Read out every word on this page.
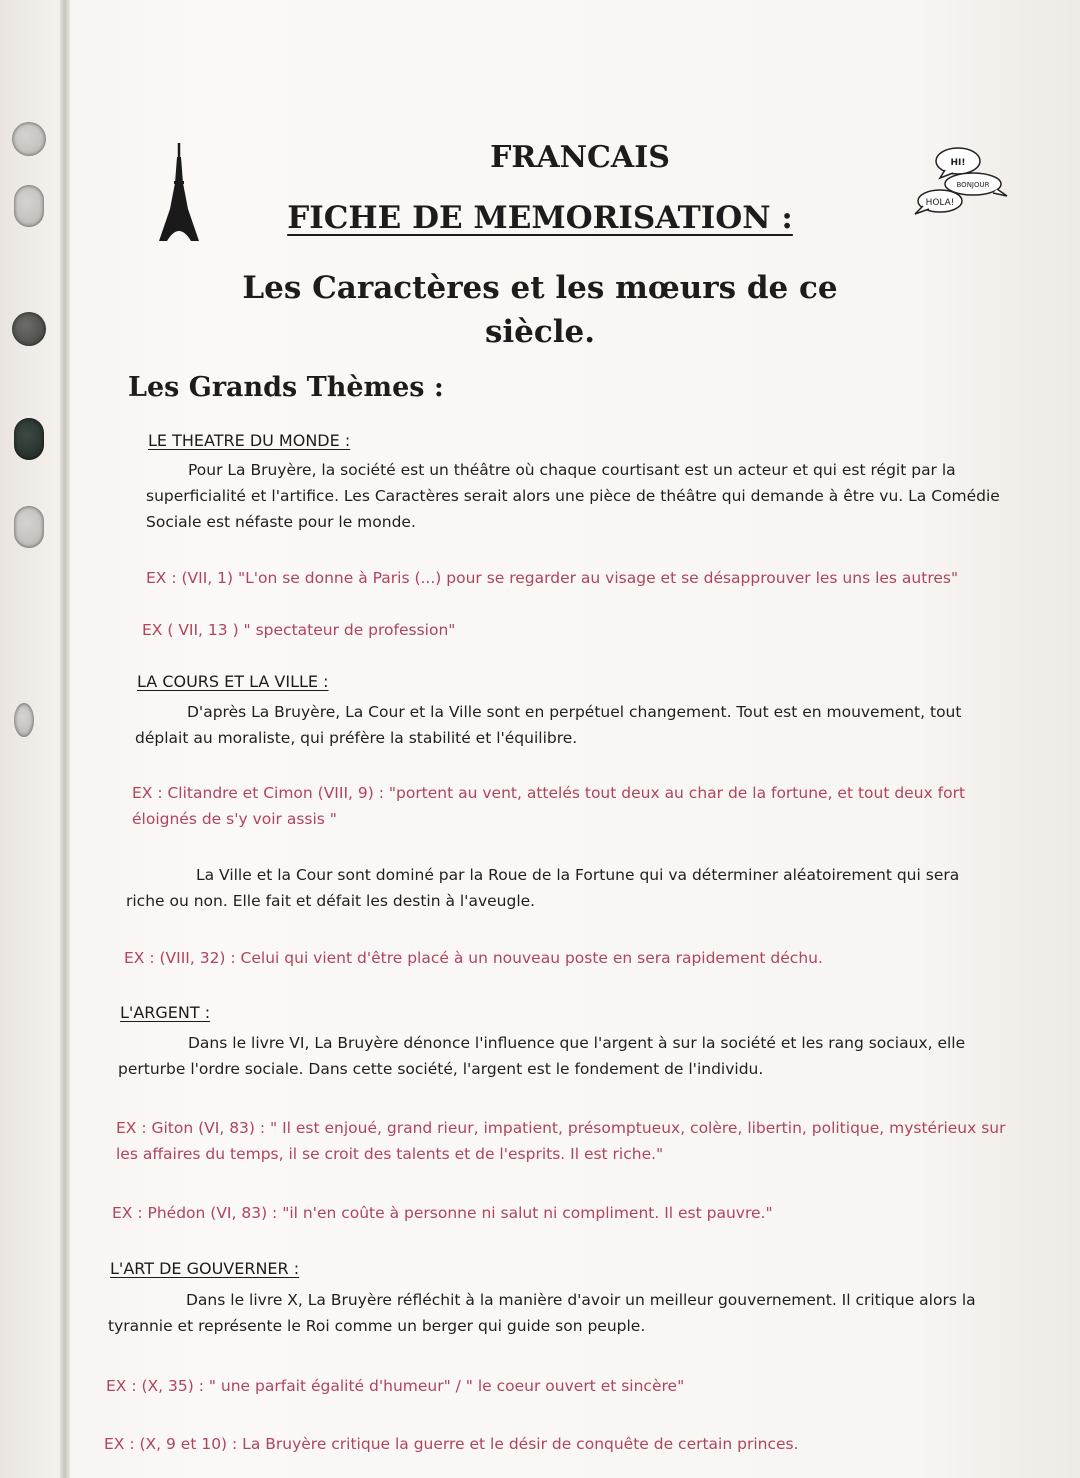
HI!
BONJOUR
HOLA!
FRANCAIS
FICHE DE MEMORISATION :
Les Caractères et les mœurs de ce
siècle.
Les Grands Thèmes :
LE THEATRE DU MONDE :
Pour La Bruyère, la société est un théâtre où chaque courtisant est un acteur et qui est régit par la superficialité et l'artifice. Les Caractères serait alors une pièce de théâtre qui demande à être vu. La Comédie Sociale est néfaste pour le monde.
EX : (VII, 1) "L'on se donne à Paris (...) pour se regarder au visage et se désapprouver les uns les autres"
EX ( VII, 13 ) " spectateur de profession"
LA COURS ET LA VILLE :
D'après La Bruyère, La Cour et la Ville sont en perpétuel changement. Tout est en mouvement, tout déplait au moraliste, qui préfère la stabilité et l'équilibre.
EX : Clitandre et Cimon (VIII, 9) : "portent au vent, attelés tout deux au char de la fortune, et tout deux fort éloignés de s'y voir assis "
La Ville et la Cour sont dominé par la Roue de la Fortune qui va déterminer aléatoirement qui sera riche ou non. Elle fait et défait les destin à l'aveugle.
EX : (VIII, 32) : Celui qui vient d'être placé à un nouveau poste en sera rapidement déchu.
L'ARGENT :
Dans le livre VI, La Bruyère dénonce l'influence que l'argent à sur la société et les rang sociaux, elle perturbe l'ordre sociale. Dans cette société, l'argent est le fondement de l'individu.
EX : Giton (VI, 83) : " Il est enjoué, grand rieur, impatient, présomptueux, colère, libertin, politique, mystérieux sur les affaires du temps, il se croit des talents et de l'esprits. Il est riche."
EX : Phédon (VI, 83) : "il n'en coûte à personne ni salut ni compliment. Il est pauvre."
L'ART DE GOUVERNER :
Dans le livre X, La Bruyère réfléchit à la manière d'avoir un meilleur gouvernement. Il critique alors la tyrannie et représente le Roi comme un berger qui guide son peuple.
EX : (X, 35) : " une parfait égalité d'humeur" / " le coeur ouvert et sincère"
EX : (X, 9 et 10) : La Bruyère critique la guerre et le désir de conquête de certain princes.
